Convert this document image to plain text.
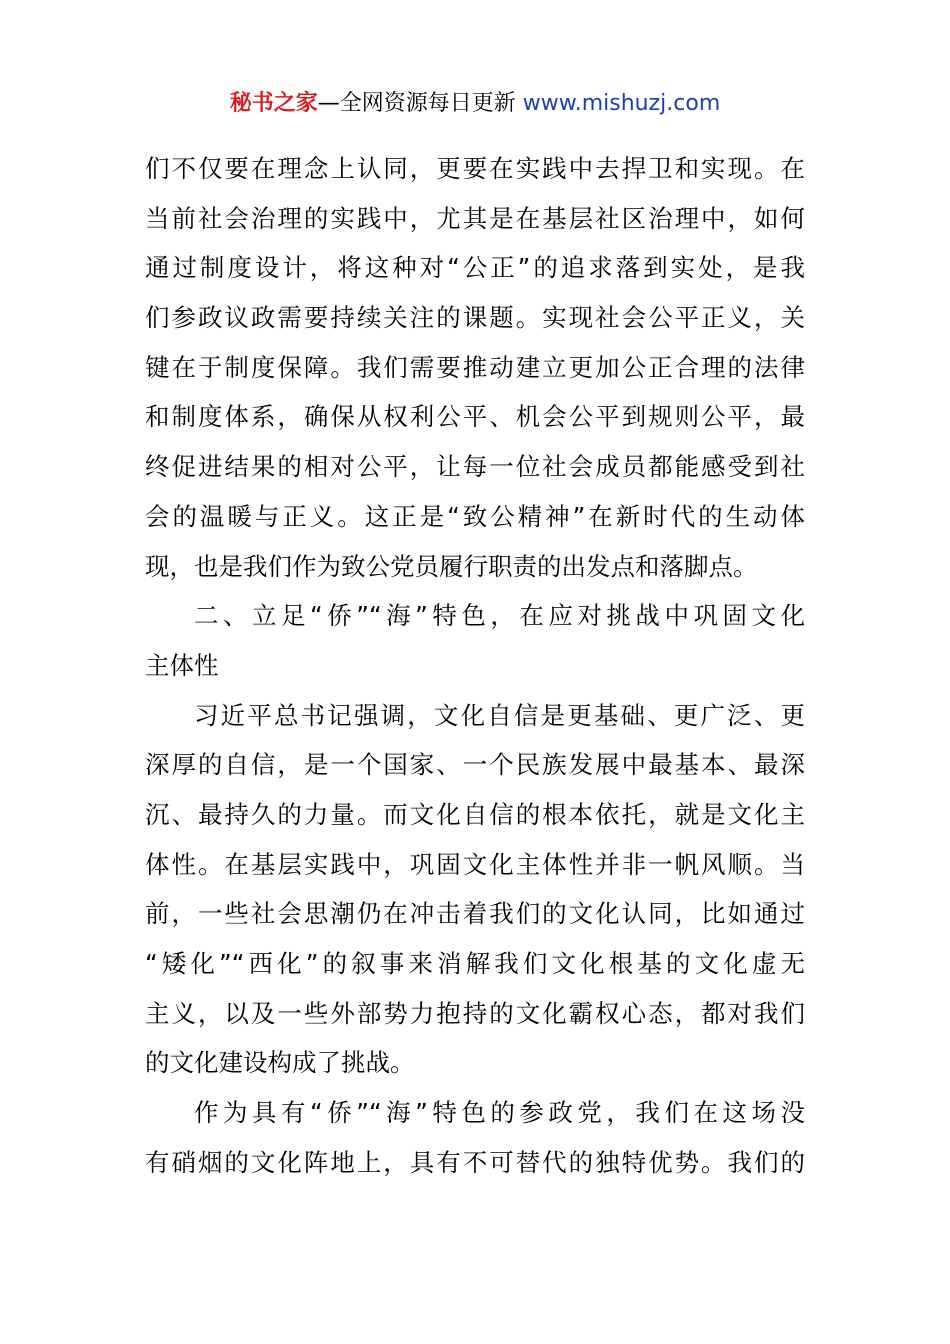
秘书之家—全网资源每日更新 www.mishuzj.com
们不仅要在理念上认同，更要在实践中去捍卫和实现。在
当前社会治理的实践中，尤其是在基层社区治理中，如何
通过制度设计，将这种对“公正”的追求落到实处，是我
们参政议政需要持续关注的课题。实现社会公平正义，关
键在于制度保障。我们需要推动建立更加公正合理的法律
和制度体系，确保从权利公平、机会公平到规则公平，最
终促进结果的相对公平，让每一位社会成员都能感受到社
会的温暖与正义。这正是“致公精神”在新时代的生动体
现，也是我们作为致公党员履行职责的出发点和落脚点。
二、立足“侨”“海”特色，在应对挑战中巩固文化
主体性
习近平总书记强调，文化自信是更基础、更广泛、更
深厚的自信，是一个国家、一个民族发展中最基本、最深
沉、最持久的力量。而文化自信的根本依托，就是文化主
体性。在基层实践中，巩固文化主体性并非一帆风顺。当
前，一些社会思潮仍在冲击着我们的文化认同，比如通过
“矮化”“西化”的叙事来消解我们文化根基的文化虚无
主义，以及一些外部势力抱持的文化霸权心态，都对我们
的文化建设构成了挑战。
作为具有“侨”“海”特色的参政党，我们在这场没
有硝烟的文化阵地上，具有不可替代的独特优势。我们的
